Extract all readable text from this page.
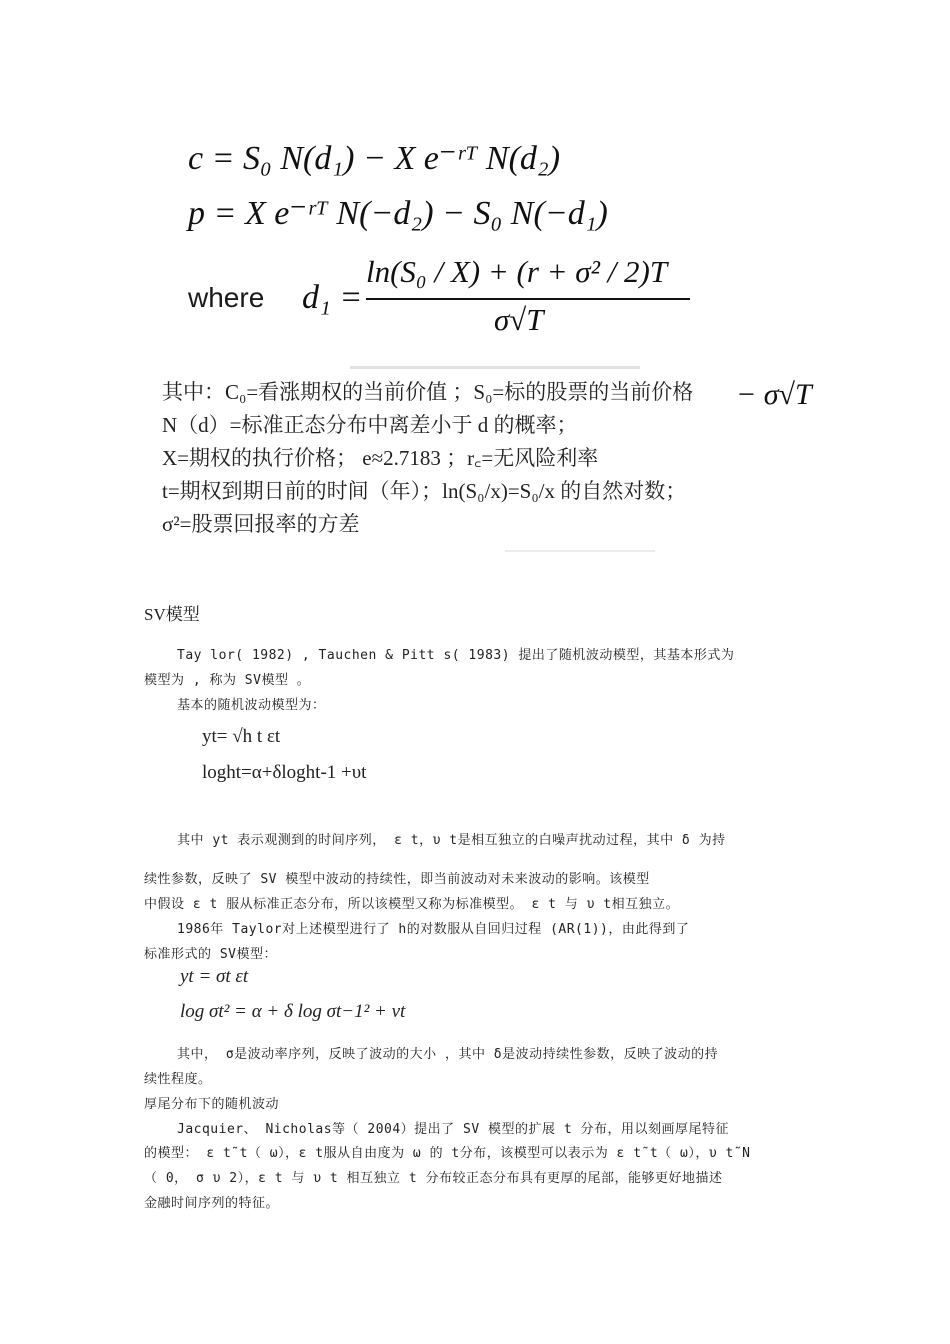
c = S₀ N(d₁) − X e⁻ʳᵀ N(d₂)
p = X e⁻ʳᵀ N(−d₂) − S₀ N(−d₁)
where d₁ =
ln(S₀ / X) + (r + σ² / 2)T
σ√T
其中：C₀=看涨期权的当前价值 ；S₀=标的股票的当前价格
N（d）=标准正态分布中离差小于 d 的概率；
X=期权的执行价格； e≈2.7183 ；r꜀=无风险利率
t=期权到期日前的时间（年）；ln(S₀/x)=S₀/x 的自然对数；
σ²=股票回报率的方差
− σ√T
SV模型
Tay lor( 1982) , Tauchen & Pitt s( 1983) 提出了随机波动模型，其基本形式为
模型为 , 称为 SV模型 。
基本的随机波动模型为：
yt= √h t εt
loght=α+δloght-1 +υt
其中 yt 表示观测到的时间序列， ε t，υ t是相互独立的白噪声扰动过程，其中 δ 为持
续性参数，反映了 SV 模型中波动的持续性，即当前波动对未来波动的影响。该模型
中假设 ε t 服从标准正态分布，所以该模型又称为标准模型。 ε t 与 υ t相互独立。
1986年 Taylor对上述模型进行了 h的对数服从自回归过程 (AR(1))，由此得到了
标准形式的 SV模型：
yt = σt εt
log σt² = α + δ log σt−1² + vt
其中， σ是波动率序列，反映了波动的大小 ，其中 δ是波动持续性参数，反映了波动的持
续性程度。
厚尾分布下的随机波动
Jacquier、 Nicholas等（ 2004）提出了 SV 模型的扩展 t 分布，用以刻画厚尾特征
的模型： ε t˜t（ ω），ε t服从自由度为 ω 的 t分布，该模型可以表示为 ε t˜t（ ω），υ t˜N
（ 0， σ υ 2），ε t 与 υ t 相互独立 t 分布较正态分布具有更厚的尾部，能够更好地描述
金融时间序列的特征。
